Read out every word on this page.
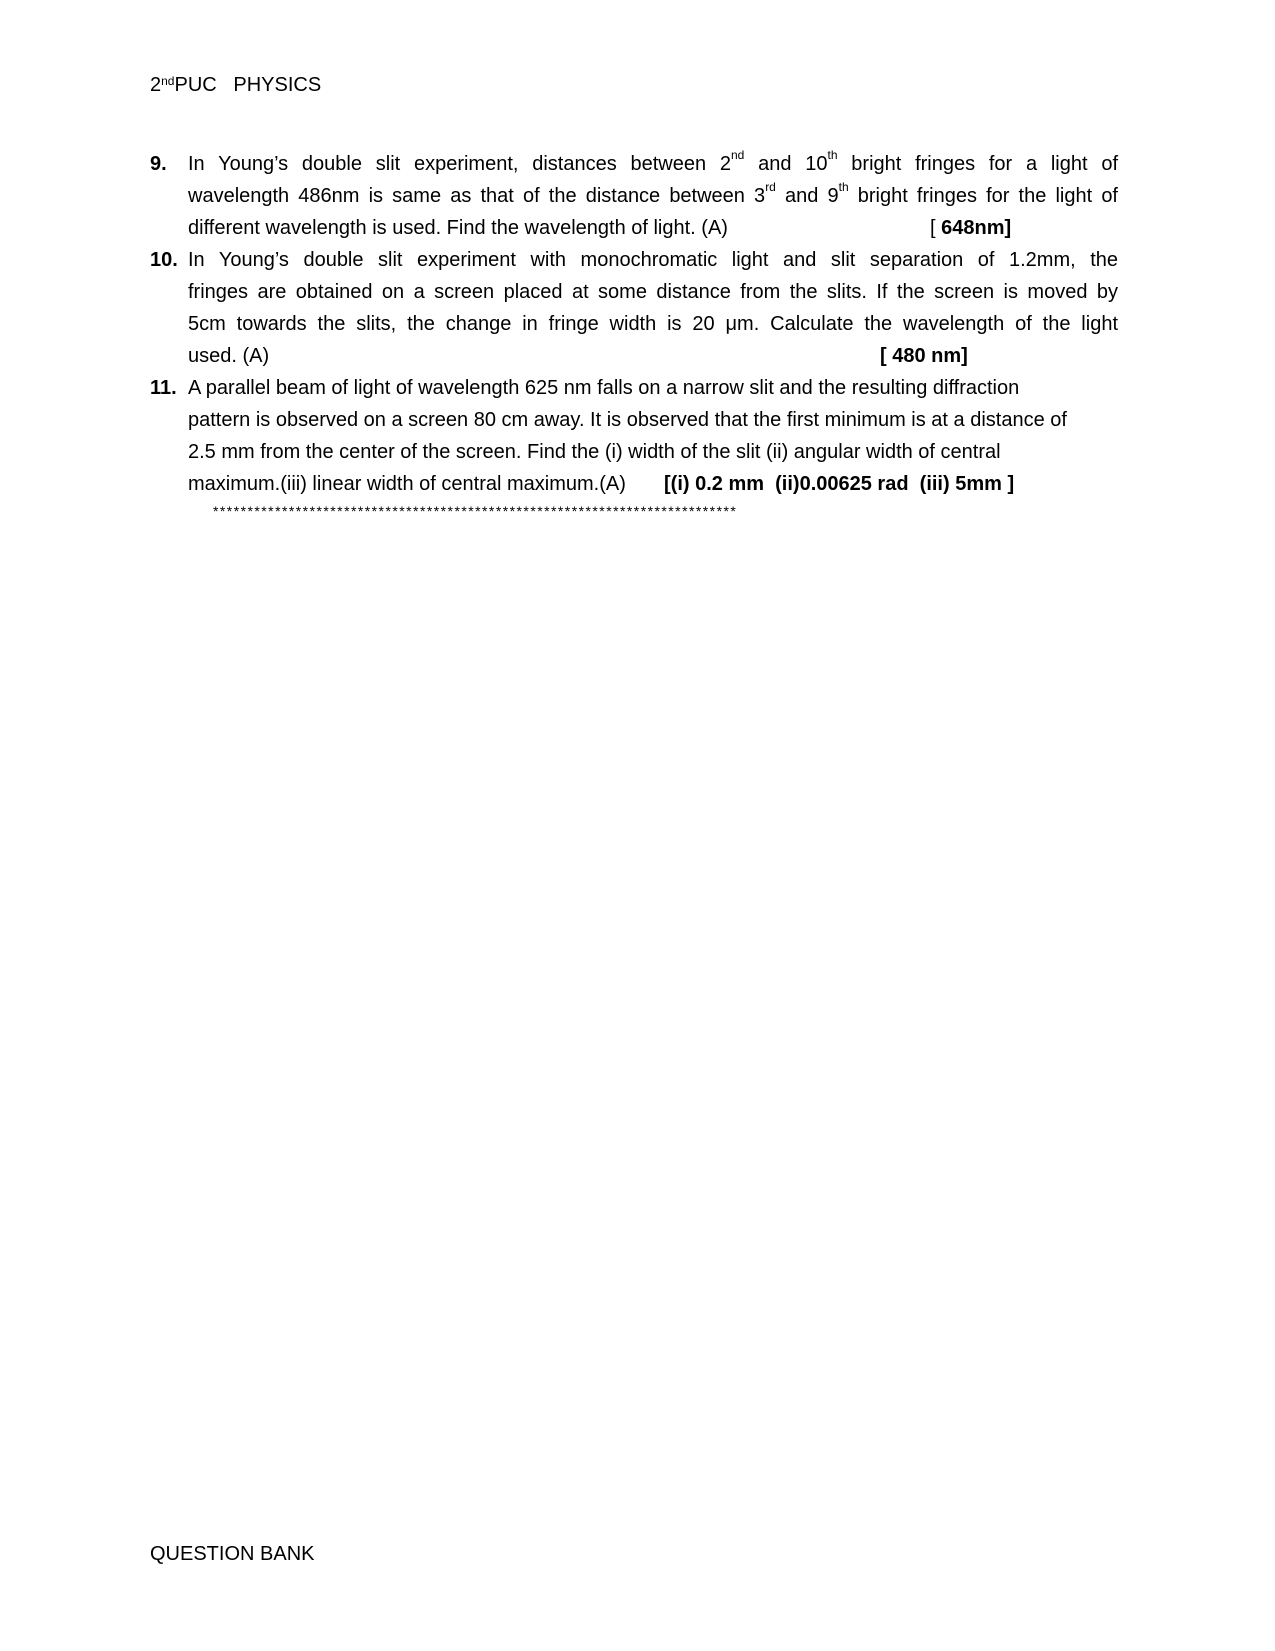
2ndPUC   PHYSICS
9.	In Young’s double slit experiment, distances between 2nd and 10th bright fringes for a light of
wavelength 486nm is same as that of the distance between 3rd and 9th bright fringes for the light of
different wavelength is used. Find the wavelength of light. (A)	[ 648nm]
10. In Young’s double slit experiment with monochromatic light and slit separation of 1.2mm, the
fringes are obtained on a screen placed at some distance from the slits. If the screen is moved by
5cm towards the slits, the change in fringe width is 20 μm. Calculate the wavelength of the light
used. (A)	[ 480 nm]
11. A parallel beam of light of wavelength 625 nm falls on a narrow slit and the resulting diffraction
pattern is observed on a screen 80 cm away. It is observed that the first minimum is at a distance of
2.5 mm from the center of the screen. Find the (i) width of the slit (ii) angular width of central
maximum.(iii) linear width of central maximum.(A) [(i) 0.2 mm  (ii)0.00625 rad  (iii) 5mm ]
****************************************************************************
QUESTION BANK
